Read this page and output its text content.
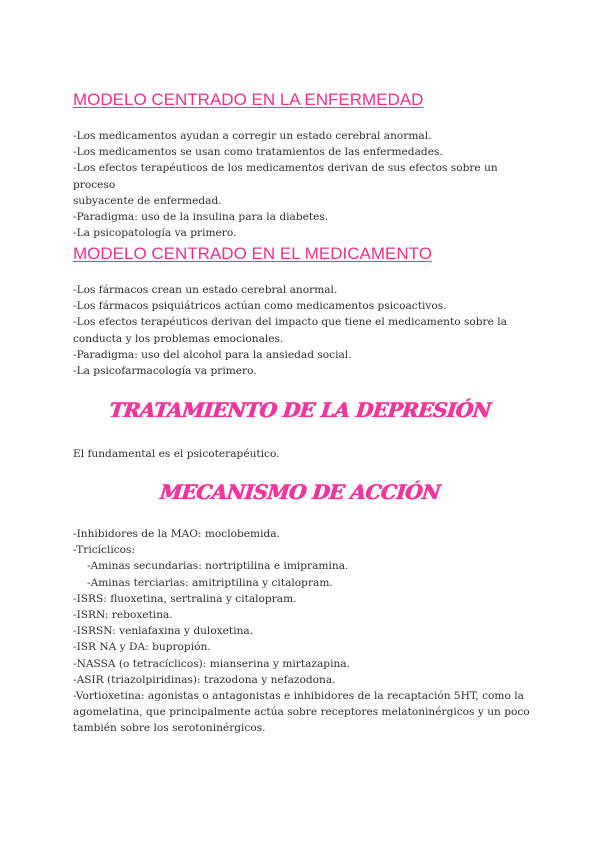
MODELO CENTRADO EN LA ENFERMEDAD
-Los medicamentos ayudan a corregir un estado cerebral anormal.
-Los medicamentos se usan como tratamientos de las enfermedades.
-Los efectos terapéuticos de los medicamentos derivan de sus efectos sobre un proceso
subyacente de enfermedad.
-Paradigma: uso de la insulina para la diabetes.
-La psicopatología va primero.
MODELO CENTRADO EN EL MEDICAMENTO
-Los fármacos crean un estado cerebral anormal.
-Los fármacos psiquiátricos actúan como medicamentos psicoactivos.
-Los efectos terapéuticos derivan del impacto que tiene el medicamento sobre la
conducta y los problemas emocionales.
-Paradigma: uso del alcohol para la ansiedad social.
-La psicofarmacología va primero.
TRATAMIENTO DE LA DEPRESIÓN

El fundamental es el psicoterapéutico.

MECANISMO DE ACCIÓN
-Inhibidores de la MAO: moclobemida.
-Tricíclicos:
-Aminas secundarias: nortriptilina e imipramina.
-Aminas terciarias: amitriptilina y citalopram.
-ISRS: fluoxetina, sertralina y citalopram.
-ISRN: reboxetina.
-ISRSN: venlafaxina y duloxetina.
-ISR NA y DA: bupropión.
-NASSA (o tetracíclicos): mianserina y mirtazapina.
-ASIR (triazolpiridinas): trazodona y nefazodona.
-Vortioxetina: agonistas o antagonistas e inhibidores de la recaptación 5HT, como la
agomelatina, que principalmente actúa sobre receptores melatoninérgicos y un poco
también sobre los serotoninérgicos.
